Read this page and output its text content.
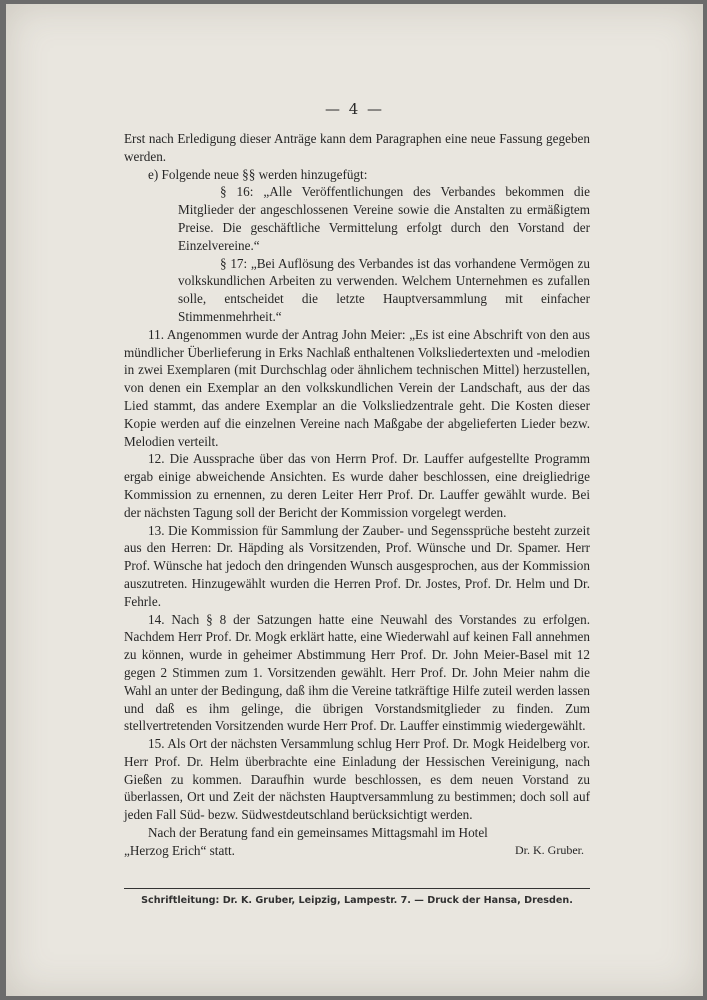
— 4 —

Erst nach Erledigung dieser Anträge kann dem Paragraphen eine neue Fassung gegeben werden.

e) Folgende neue §§ werden hinzugefügt:

§ 16: „Alle Veröffentlichungen des Verbandes bekommen die Mitglieder der angeschlossenen Vereine sowie die Anstalten zu ermäßigtem Preise. Die geschäftliche Vermittelung erfolgt durch den Vorstand der Einzelvereine.“

§ 17: „Bei Auflösung des Verbandes ist das vorhandene Vermögen zu volkskundlichen Arbeiten zu verwenden. Welchem Unternehmen es zufallen solle, entscheidet die letzte Hauptversammlung mit einfacher Stimmenmehrheit.“

11. Angenommen wurde der Antrag John Meier: „Es ist eine Abschrift von den aus mündlicher Überlieferung in Erks Nachlaß enthaltenen Volksliedertexten und -melodien in zwei Exemplaren (mit Durchschlag oder ähnlichem technischen Mittel) herzustellen, von denen ein Exemplar an den volkskundlichen Verein der Landschaft, aus der das Lied stammt, das andere Exemplar an die Volksliedzentrale geht. Die Kosten dieser Kopie werden auf die einzelnen Vereine nach Maßgabe der abgelieferten Lieder bezw. Melodien verteilt.

12. Die Aussprache über das von Herrn Prof. Dr. Lauffer aufgestellte Programm ergab einige abweichende Ansichten. Es wurde daher beschlossen, eine dreigliedrige Kommission zu ernennen, zu deren Leiter Herr Prof. Dr. Lauffer gewählt wurde. Bei der nächsten Tagung soll der Bericht der Kommission vorgelegt werden.

13. Die Kommission für Sammlung der Zauber- und Segenssprüche besteht zurzeit aus den Herren: Dr. Häpding als Vorsitzenden, Prof. Wünsche und Dr. Spamer. Herr Prof. Wünsche hat jedoch den dringenden Wunsch ausgesprochen, aus der Kommission auszutreten. Hinzugewählt wurden die Herren Prof. Dr. Jostes, Prof. Dr. Helm und Dr. Fehrle.

14. Nach § 8 der Satzungen hatte eine Neuwahl des Vorstandes zu erfolgen. Nachdem Herr Prof. Dr. Mogk erklärt hatte, eine Wiederwahl auf keinen Fall annehmen zu können, wurde in geheimer Abstimmung Herr Prof. Dr. John Meier-Basel mit 12 gegen 2 Stimmen zum 1. Vorsitzenden gewählt. Herr Prof. Dr. John Meier nahm die Wahl an unter der Bedingung, daß ihm die Vereine tatkräftige Hilfe zuteil werden lassen und daß es ihm gelinge, die übrigen Vorstandsmitglieder zu finden. Zum stellvertretenden Vorsitzenden wurde Herr Prof. Dr. Lauffer einstimmig wiedergewählt.

15. Als Ort der nächsten Versammlung schlug Herr Prof. Dr. Mogk Heidelberg vor. Herr Prof. Dr. Helm überbrachte eine Einladung der Hessischen Vereinigung, nach Gießen zu kommen. Daraufhin wurde beschlossen, es dem neuen Vorstand zu überlassen, Ort und Zeit der nächsten Hauptversammlung zu bestimmen; doch soll auf jeden Fall Süd- bezw. Südwestdeutschland berücksichtigt werden.

Nach der Beratung fand ein gemeinsames Mittagsmahl im Hotel

„Herzog Erich“ statt.	Dr. K. Gruber.
Schriftleitung: Dr. K. Gruber, Leipzig, Lampestr. 7. — Druck der Hansa, Dresden.
